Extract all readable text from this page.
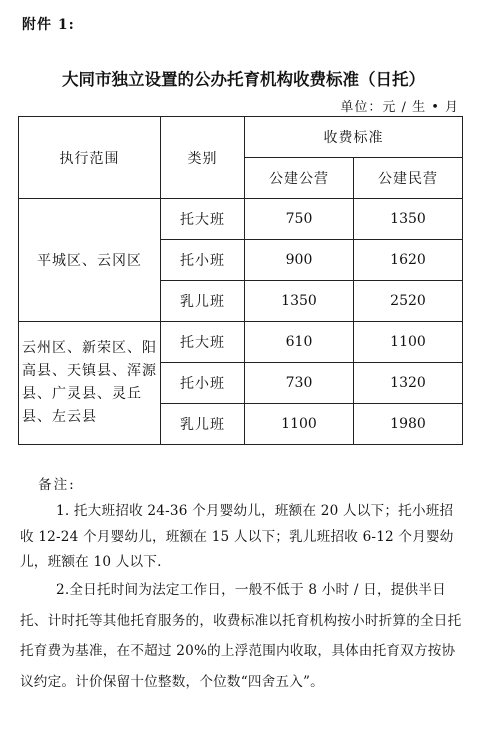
附件 1:
大同市独立设置的公办托育机构收费标准（日托）
单位：元 / 生 • 月
执行范围	类别	收费标准	
		公建公营	公建民营
平城区、云冈区	托大班	750	1350
	托小班	900	1620
	乳儿班	1350	2520
云州区、新荣区、阳高县、天镇县、浑源县、广灵县、灵丘县、左云县	托大班	610	1100
	托小班	730	1320
	乳儿班	1100	1980
备注:
1. 托大班招收 24-36 个月婴幼儿，班额在 20 人以下；托小班招收 12-24 个月婴幼儿，班额在 15 人以下；乳儿班招收 6-12 个月婴幼儿，班额在 10 人以下.
2.全日托时间为法定工作日，一般不低于 8 小时 / 日，提供半日托、计时托等其他托育服务的，收费标准以托育机构按小时折算的全日托托育费为基准，在不超过 20%的上浮范围内收取，具体由托育双方按协议约定。计价保留十位整数，个位数“四舍五入”。
